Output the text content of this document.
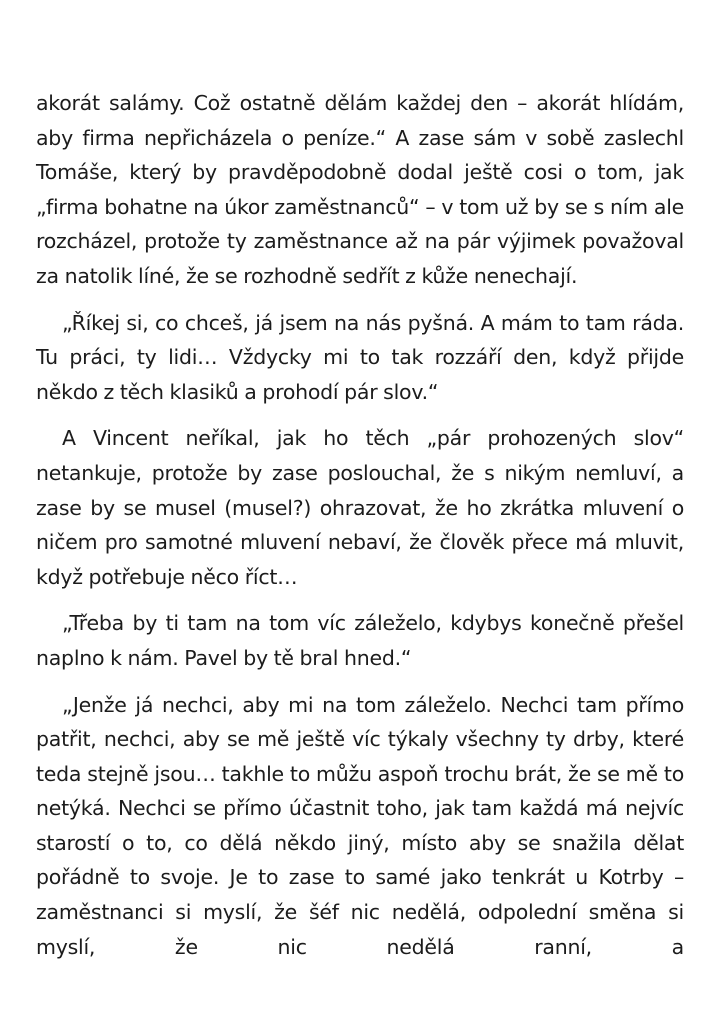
akorát salámy. Což ostatně dělám každej den – akorát hlídám, aby firma nepřicházela o peníze.“ A zase sám v sobě zaslechl Tomáše, který by pravděpodobně dodal ještě cosi o tom, jak „firma bohatne na úkor zaměstnanců“ – v tom už by se s ním ale rozcházel, protože ty zaměstnance až na pár výjimek považoval za natolik líné, že se rozhodně sedřít z kůže nenechají.

„Říkej si, co chceš, já jsem na nás pyšná. A mám to tam ráda. Tu práci, ty lidi… Vždycky mi to tak rozzáří den, když přijde někdo z těch klasiků a prohodí pár slov.“

A Vincent neříkal, jak ho těch „pár prohozených slov“ netankuje, protože by zase poslouchal, že s nikým nemluví, a zase by se musel (musel?) ohrazovat, že ho zkrátka mluvení o ničem pro samotné mluvení nebaví, že člověk přece má mluvit, když potřebuje něco říct…

„Třeba by ti tam na tom víc záleželo, kdybys konečně přešel naplno k nám. Pavel by tě bral hned.“

„Jenže já nechci, aby mi na tom záleželo. Nechci tam přímo patřit, nechci, aby se mě ještě víc týkaly všechny ty drby, které teda stejně jsou… takhle to můžu aspoň trochu brát, že se mě to netýká. Nechci se přímo účastnit toho, jak tam každá má nejvíc starostí o to, co dělá někdo jiný, místo aby se snažila dělat pořádně to svoje. Je to zase to samé jako tenkrát u Kotrby – zaměstnanci si myslí, že šéf nic nedělá, odpolední směna si myslí, že nic nedělá ranní, a
